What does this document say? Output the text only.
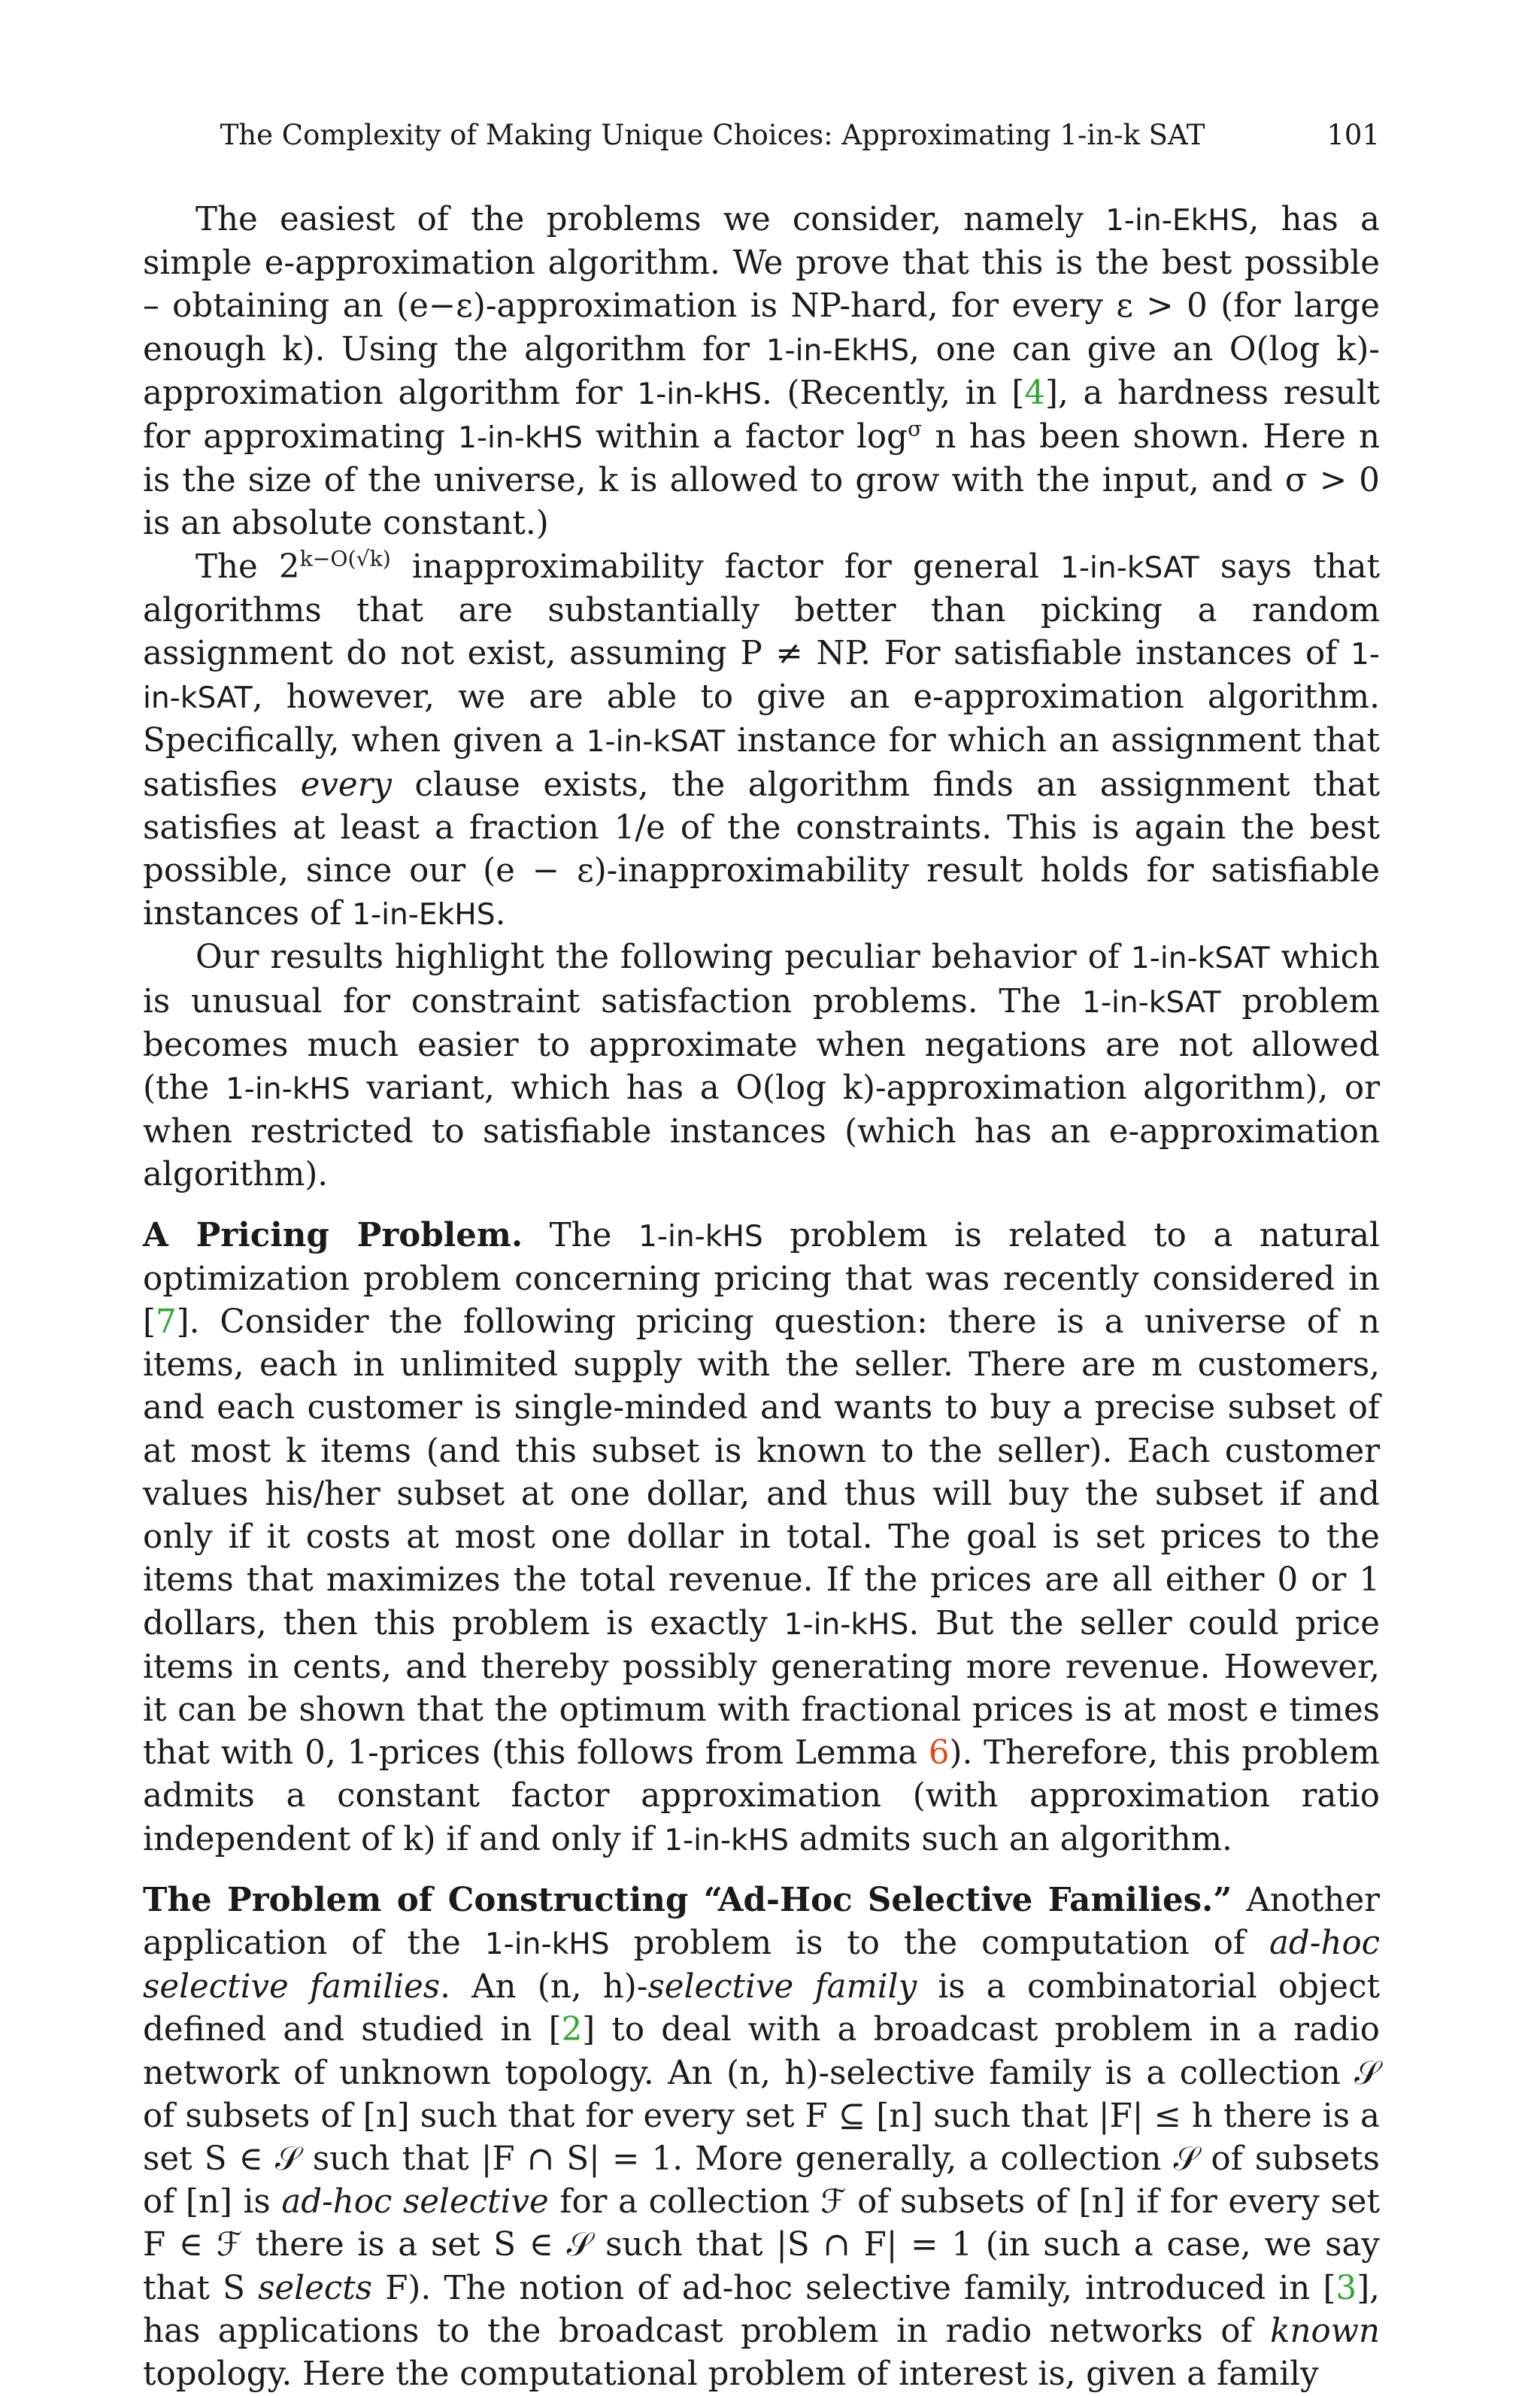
The Complexity of Making Unique Choices: Approximating 1-in-k SAT	101

The easiest of the problems we consider, namely 1-in-EkHS, has a simple e-approximation algorithm. We prove that this is the best possible – obtaining an (e−ε)-approximation is NP-hard, for every ε > 0 (for large enough k). Using the algorithm for 1-in-EkHS, one can give an O(log k)-approximation algorithm for 1-in-kHS. (Recently, in [4], a hardness result for approximating 1-in-kHS within a factor $\log^\sigma n$ has been shown. Here n is the size of the universe, k is allowed to grow with the input, and σ > 0 is an absolute constant.)

The $2^{k-O(√k)}$ inapproximability factor for general 1-in-kSAT says that algorithms that are substantially better than picking a random assignment do not exist, assuming P ≠ NP. For satisfiable instances of 1-in-kSAT, however, we are able to give an e-approximation algorithm. Specifically, when given a 1-in-kSAT instance for which an assignment that satisfies every clause exists, the algorithm finds an assignment that satisfies at least a fraction 1/e of the constraints. This is again the best possible, since our (e − ε)-inapproximability result holds for satisfiable instances of 1-in-EkHS.

Our results highlight the following peculiar behavior of 1-in-kSAT which is unusual for constraint satisfaction problems. The 1-in-kSAT problem becomes much easier to approximate when negations are not allowed (the 1-in-kHS variant, which has a O(log k)-approximation algorithm), or when restricted to satisfiable instances (which has an e-approximation algorithm).

A Pricing Problem. The 1-in-kHS problem is related to a natural optimization problem concerning pricing that was recently considered in [7]. Consider the following pricing question: there is a universe of n items, each in unlimited supply with the seller. There are m customers, and each customer is single-minded and wants to buy a precise subset of at most k items (and this subset is known to the seller). Each customer values his/her subset at one dollar, and thus will buy the subset if and only if it costs at most one dollar in total. The goal is set prices to the items that maximizes the total revenue. If the prices are all either 0 or 1 dollars, then this problem is exactly 1-in-kHS. But the seller could price items in cents, and thereby possibly generating more revenue. However, it can be shown that the optimum with fractional prices is at most e times that with 0, 1-prices (this follows from Lemma 6). Therefore, this problem admits a constant factor approximation (with approximation ratio independent of k) if and only if 1-in-kHS admits such an algorithm.

The Problem of Constructing “Ad-Hoc Selective Families.” Another application of the 1-in-kHS problem is to the computation of ad-hoc selective families. An (n, h)-selective family is a combinatorial object defined and studied in [2] to deal with a broadcast problem in a radio network of unknown topology. An (n, h)-selective family is a collection 𝒮 of subsets of [n] such that for every set F ⊆ [n] such that |F| ≤ h there is a set S ∈ 𝒮 such that |F ∩ S| = 1. More generally, a collection 𝒮 of subsets of [n] is ad-hoc selective for a collection ℱ of subsets of [n] if for every set F ∈ ℱ there is a set S ∈ 𝒮 such that |S ∩ F| = 1 (in such a case, we say that S selects F). The notion of ad-hoc selective family, introduced in [3], has applications to the broadcast problem in radio networks of known topology. Here the computational problem of interest is, given a family
